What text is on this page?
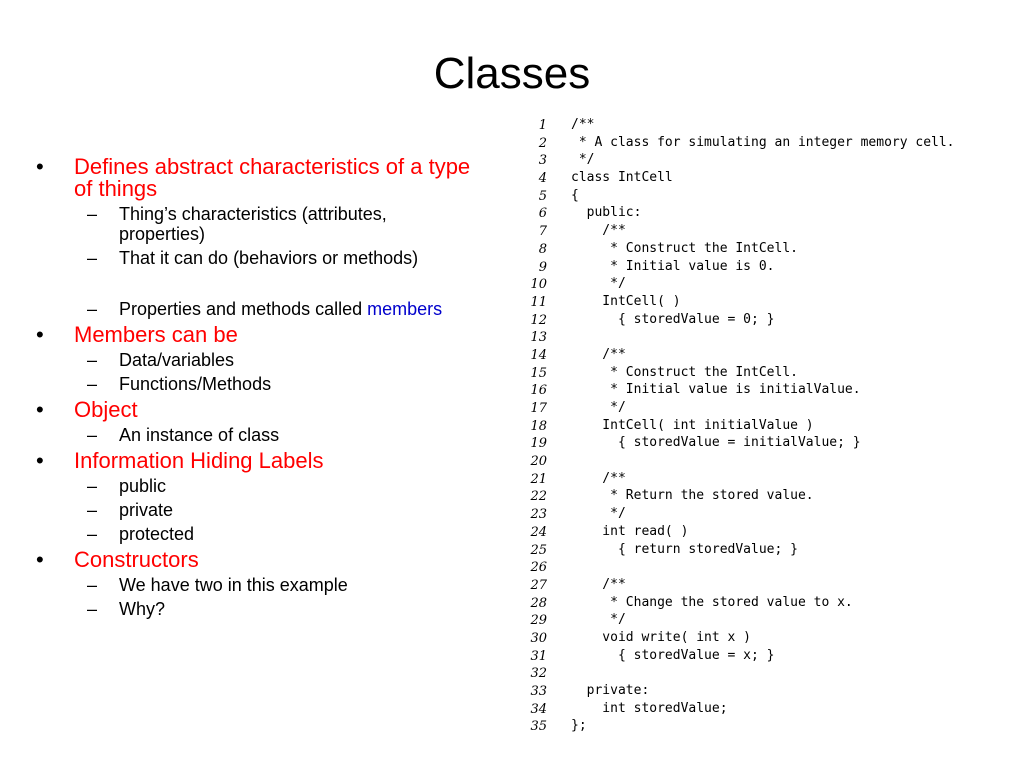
Classes
• Defines abstract characteristics of a type
of things
– Thing’s characteristics (attributes,
properties)
– That it can do (behaviors or methods)
– Properties and methods called members
• Members can be
– Data/variables
– Functions/Methods
• Object
– An instance of class
• Information Hiding Labels
– public
– private
– protected
• Constructors
– We have two in this example
– Why?
1 /**
2 * A class for simulating an integer memory cell.
3 */
4 class IntCell
5 {
6 public:
7 /**
8 * Construct the IntCell.
9 * Initial value is 0.
10 */
11 IntCell( )
12 { storedValue = 0; }
13
14 /**
15 * Construct the IntCell.
16 * Initial value is initialValue.
17 */
18 IntCell( int initialValue )
19 { storedValue = initialValue; }
20
21 /**
22 * Return the stored value.
23 */
24 int read( )
25 { return storedValue; }
26
27 /**
28 * Change the stored value to x.
29 */
30 void write( int x )
31 { storedValue = x; }
32
33 private:
34 int storedValue;
35 };
